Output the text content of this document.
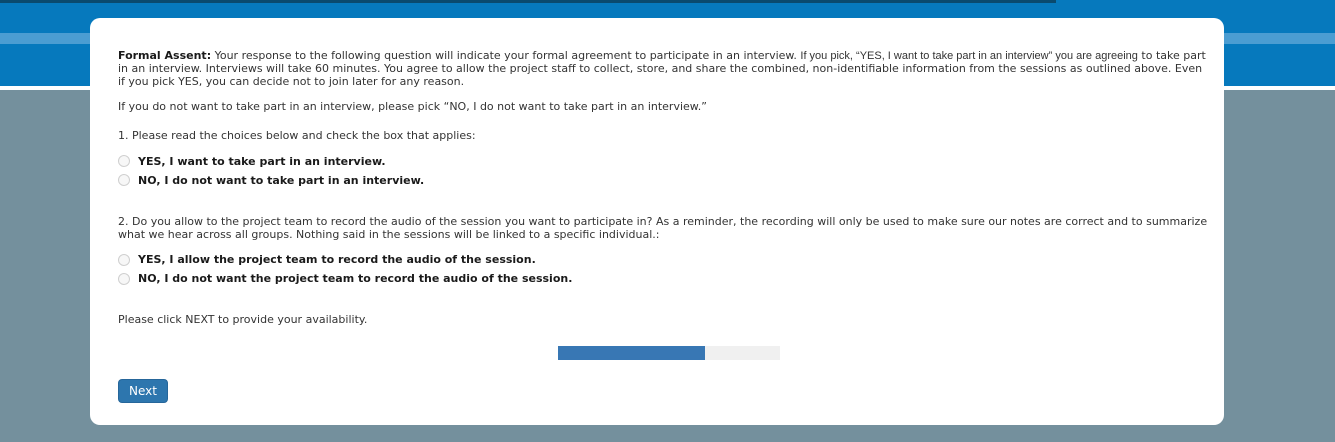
Formal Assent: Your response to the following question will indicate your formal agreement to participate in an interview. If you pick, “YES, I want to take part in an interview” you are agreeing to take part in an interview. Interviews will take 60 minutes. You agree to allow the project staff to collect, store, and share the combined, non-identifiable information from the sessions as outlined above. Even if you pick YES, you can decide not to join later for any reason.

If you do not want to take part in an interview, please pick “NO, I do not want to take part in an interview.”

1. Please read the choices below and check the box that applies:

YES, I want to take part in an interview.
NO, I do not want to take part in an interview.

2. Do you allow to the project team to record the audio of the session you want to participate in? As a reminder, the recording will only be used to make sure our notes are correct and to summarize what we hear across all groups. Nothing said in the sessions will be linked to a specific individual.:

YES, I allow the project team to record the audio of the session.
NO, I do not want the project team to record the audio of the session.

Please click NEXT to provide your availability.

Next
